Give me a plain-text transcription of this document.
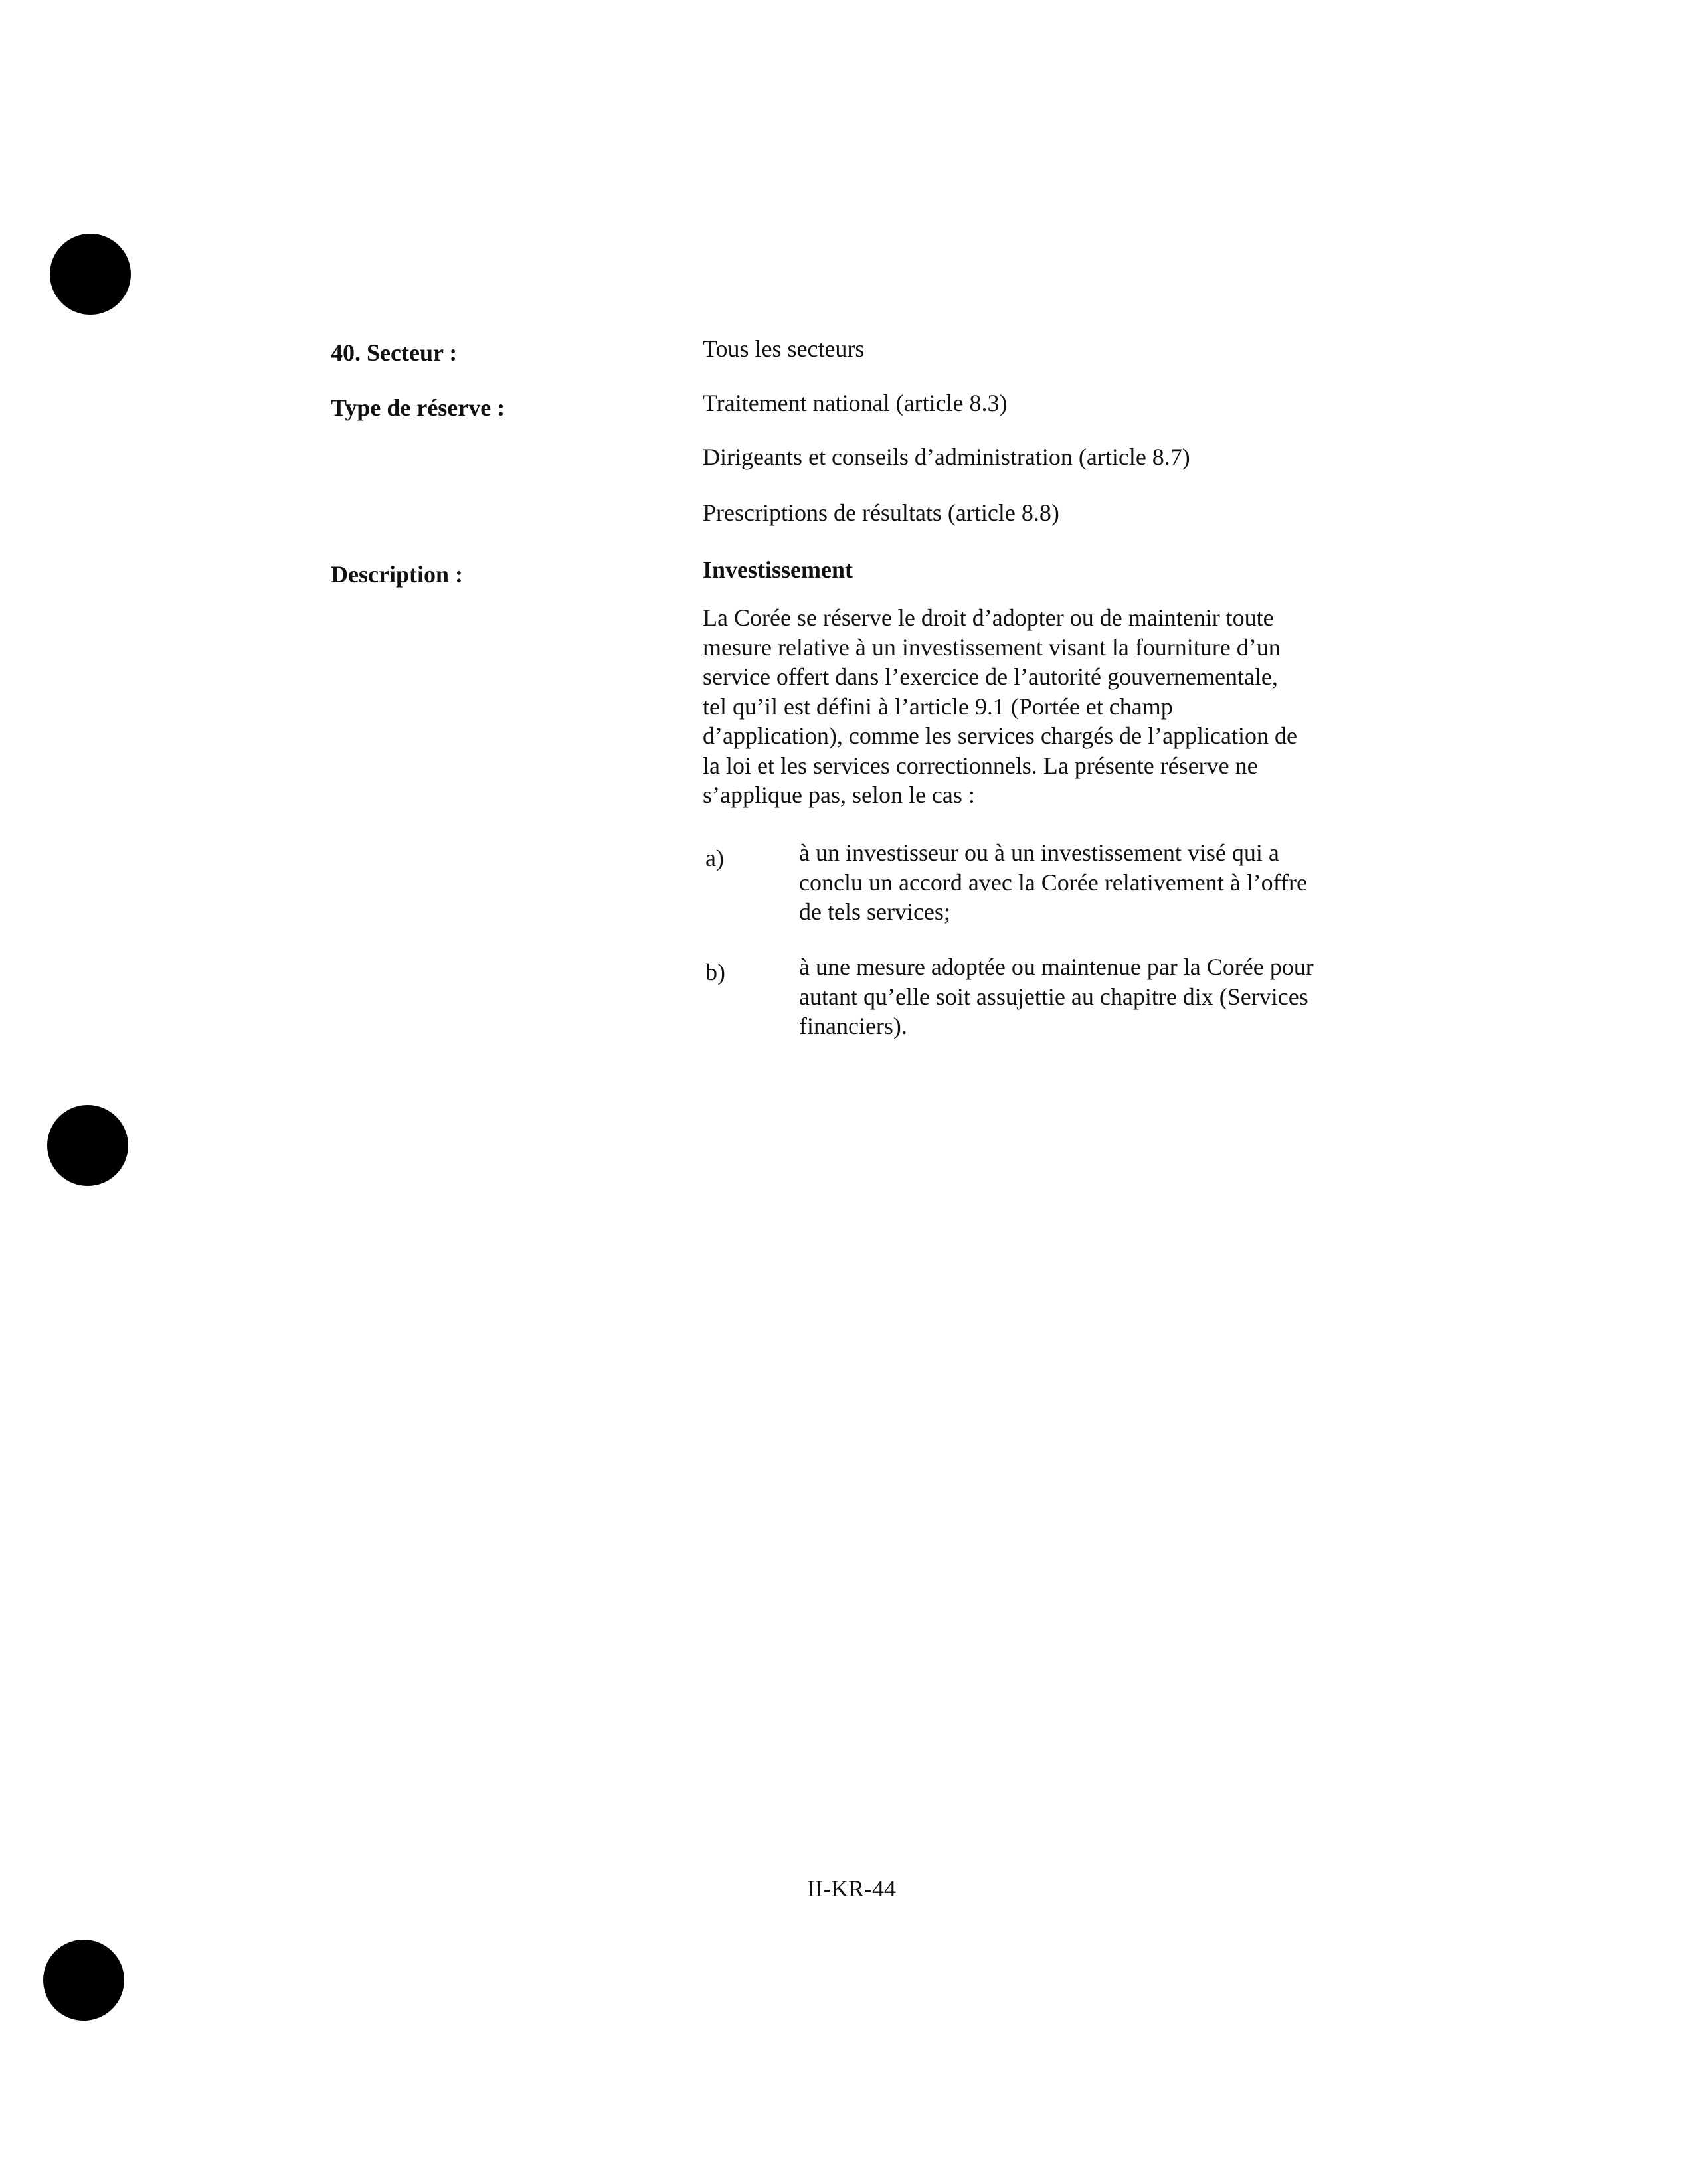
40. Secteur :
Type de réserve :
Description :
Tous les secteurs
Traitement national (article 8.3)
Dirigeants et conseils d’administration (article 8.7)
Prescriptions de résultats (article 8.8)
Investissement
La Corée se réserve le droit d’adopter ou de maintenir toute
mesure relative à un investissement visant la fourniture d’un
service offert dans l’exercice de l’autorité gouvernementale,
tel qu’il est défini à l’article 9.1 (Portée et champ
d’application), comme les services chargés de l’application de
la loi et les services correctionnels. La présente réserve ne
s’applique pas, selon le cas :
a)	à un investisseur ou à un investissement visé qui a
conclu un accord avec la Corée relativement à l’offre
de tels services;
b)	à une mesure adoptée ou maintenue par la Corée pour
autant qu’elle soit assujettie au chapitre dix (Services
financiers).
II-KR-44
